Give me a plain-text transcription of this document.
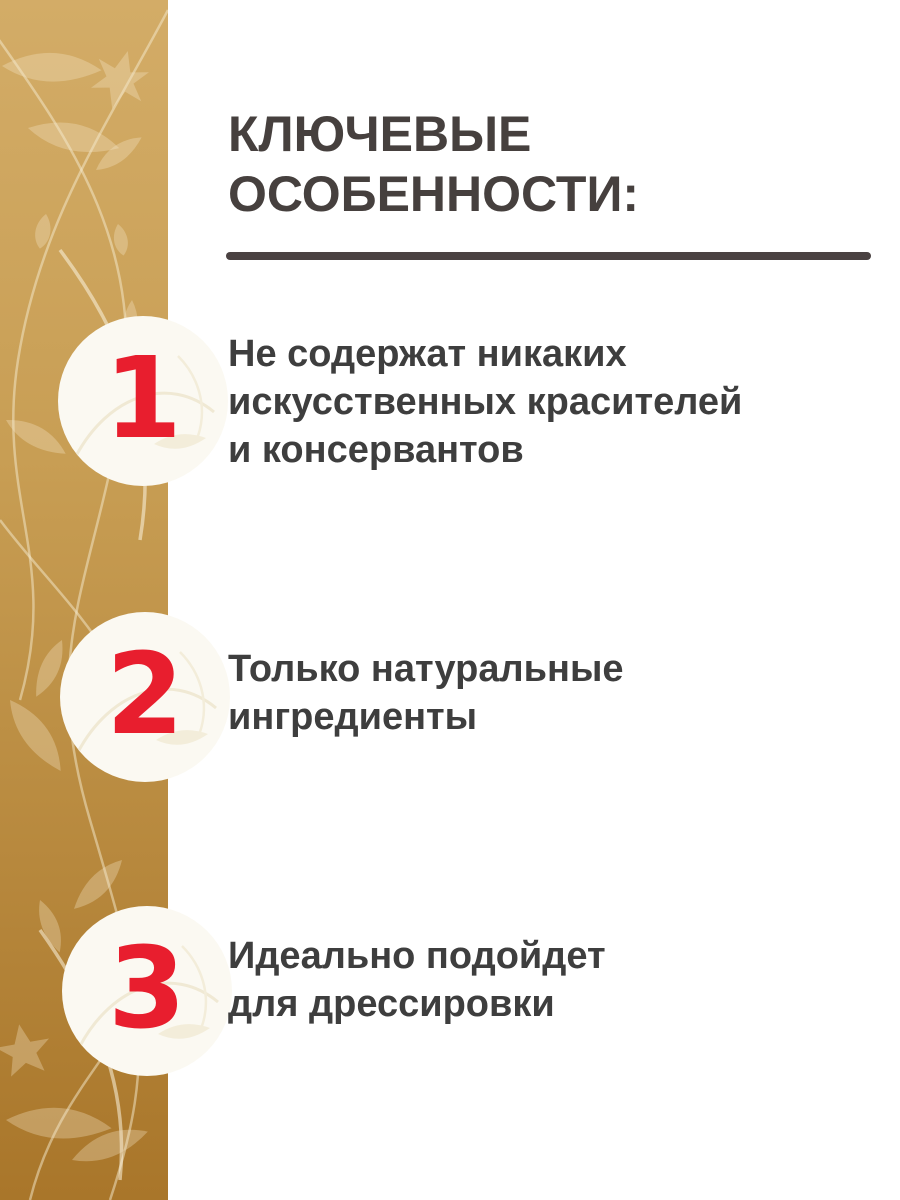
КЛЮЧЕВЫЕ
ОСОБЕННОСТИ:
1 Не содержат никаких
искусственных красителей
и консервантов
2 Только натуральные
ингредиенты
3 Идеально подойдет
для дрессировки
